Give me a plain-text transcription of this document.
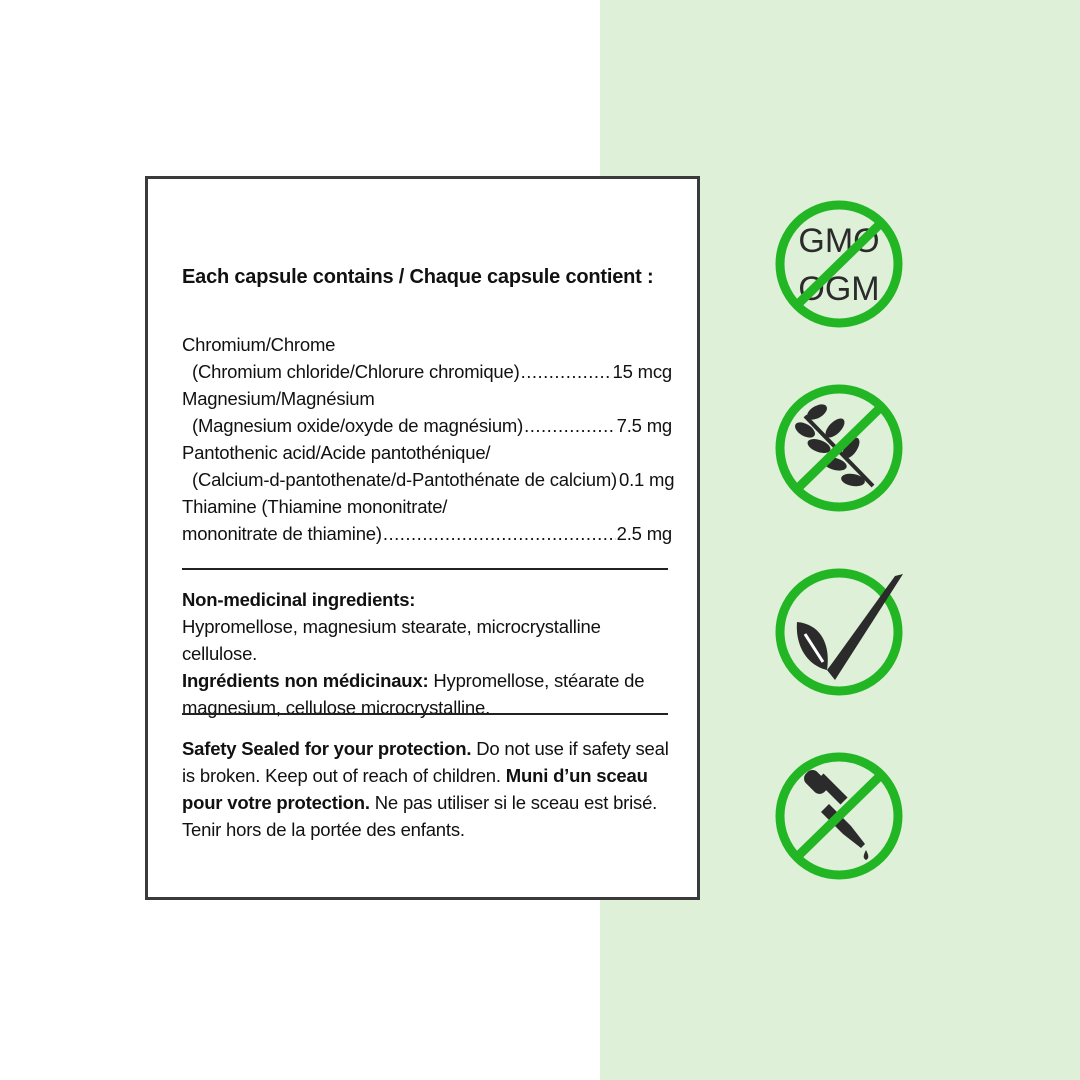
Each capsule contains / Chaque capsule contient :
Chromium/Chrome
(Chromium chloride/Chlorure chromique) .....	15 mcg
Magnesium/Magnésium
(Magnesium oxide/oxyde de magnésium) .....	7.5 mg
Pantothenic acid/Acide pantothénique/
(Calcium-d-pantothenate/d-Pantothénate de calcium) 0.1 mg
Thiamine (Thiamine mononitrate/
mononitrate de thiamine) .....	2.5 mg
Non-medicinal ingredients:
Hypromellose, magnesium stearate, microcrystalline cellulose.

Ingrédients non médicinaux: Hypromellose, stéarate de magnesium, cellulose microcrystalline.

Safety Sealed for your protection. Do not use if safety seal is broken. Keep out of reach of children. Muni d’un sceau pour votre protection. Ne pas utiliser si le sceau est brisé. Tenir hors de la portée des enfants.

GMO
OGM
